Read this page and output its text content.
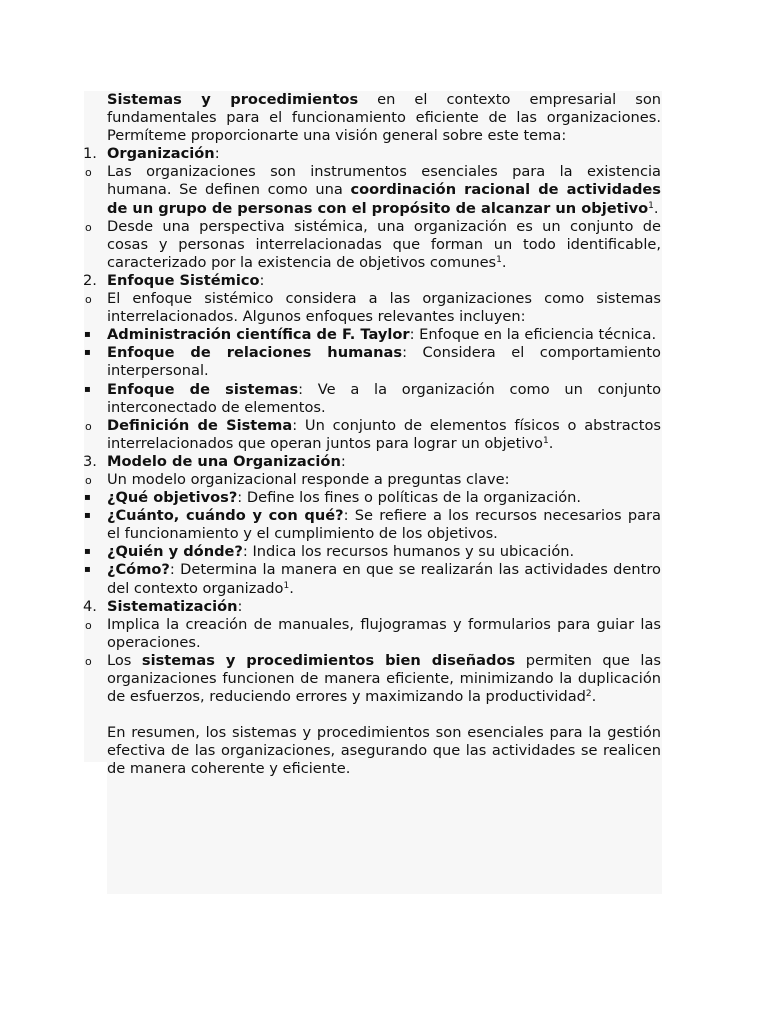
Sistemas y procedimientos en el contexto empresarial son fundamentales para el funcionamiento eficiente de las organizaciones. Permíteme proporcionarte una visión general sobre este tema:

1. Organización:

o Las organizaciones son instrumentos esenciales para la existencia humana. Se definen como una coordinación racional de actividades de un grupo de personas con el propósito de alcanzar un objetivo$^1$.

o Desde una perspectiva sistémica, una organización es un conjunto de cosas y personas interrelacionadas que forman un todo identificable, caracterizado por la existencia de objetivos comunes$^1$.

2. Enfoque Sistémico:

o El enfoque sistémico considera a las organizaciones como sistemas interrelacionados. Algunos enfoques relevantes incluyen:

▪ Administración científica de F. Taylor: Enfoque en la eficiencia técnica.

▪ Enfoque de relaciones humanas: Considera el comportamiento interpersonal.

▪ Enfoque de sistemas: Ve a la organización como un conjunto interconectado de elementos.

o Definición de Sistema: Un conjunto de elementos físicos o abstractos interrelacionados que operan juntos para lograr un objetivo$^1$.

3. Modelo de una Organización:

o Un modelo organizacional responde a preguntas clave:

▪ ¿Qué objetivos?: Define los fines o políticas de la organización.

▪ ¿Cuánto, cuándo y con qué?: Se refiere a los recursos necesarios para el funcionamiento y el cumplimiento de los objetivos.

▪ ¿Quién y dónde?: Indica los recursos humanos y su ubicación.

▪ ¿Cómo?: Determina la manera en que se realizarán las actividades dentro del contexto organizado$^1$.

4. Sistematización:

o Implica la creación de manuales, flujogramas y formularios para guiar las operaciones.

o Los sistemas y procedimientos bien diseñados permiten que las organizaciones funcionen de manera eficiente, minimizando la duplicación de esfuerzos, reduciendo errores y maximizando la productividad$^2$.

En resumen, los sistemas y procedimientos son esenciales para la gestión efectiva de las organizaciones, asegurando que las actividades se realicen de manera coherente y eficiente.
